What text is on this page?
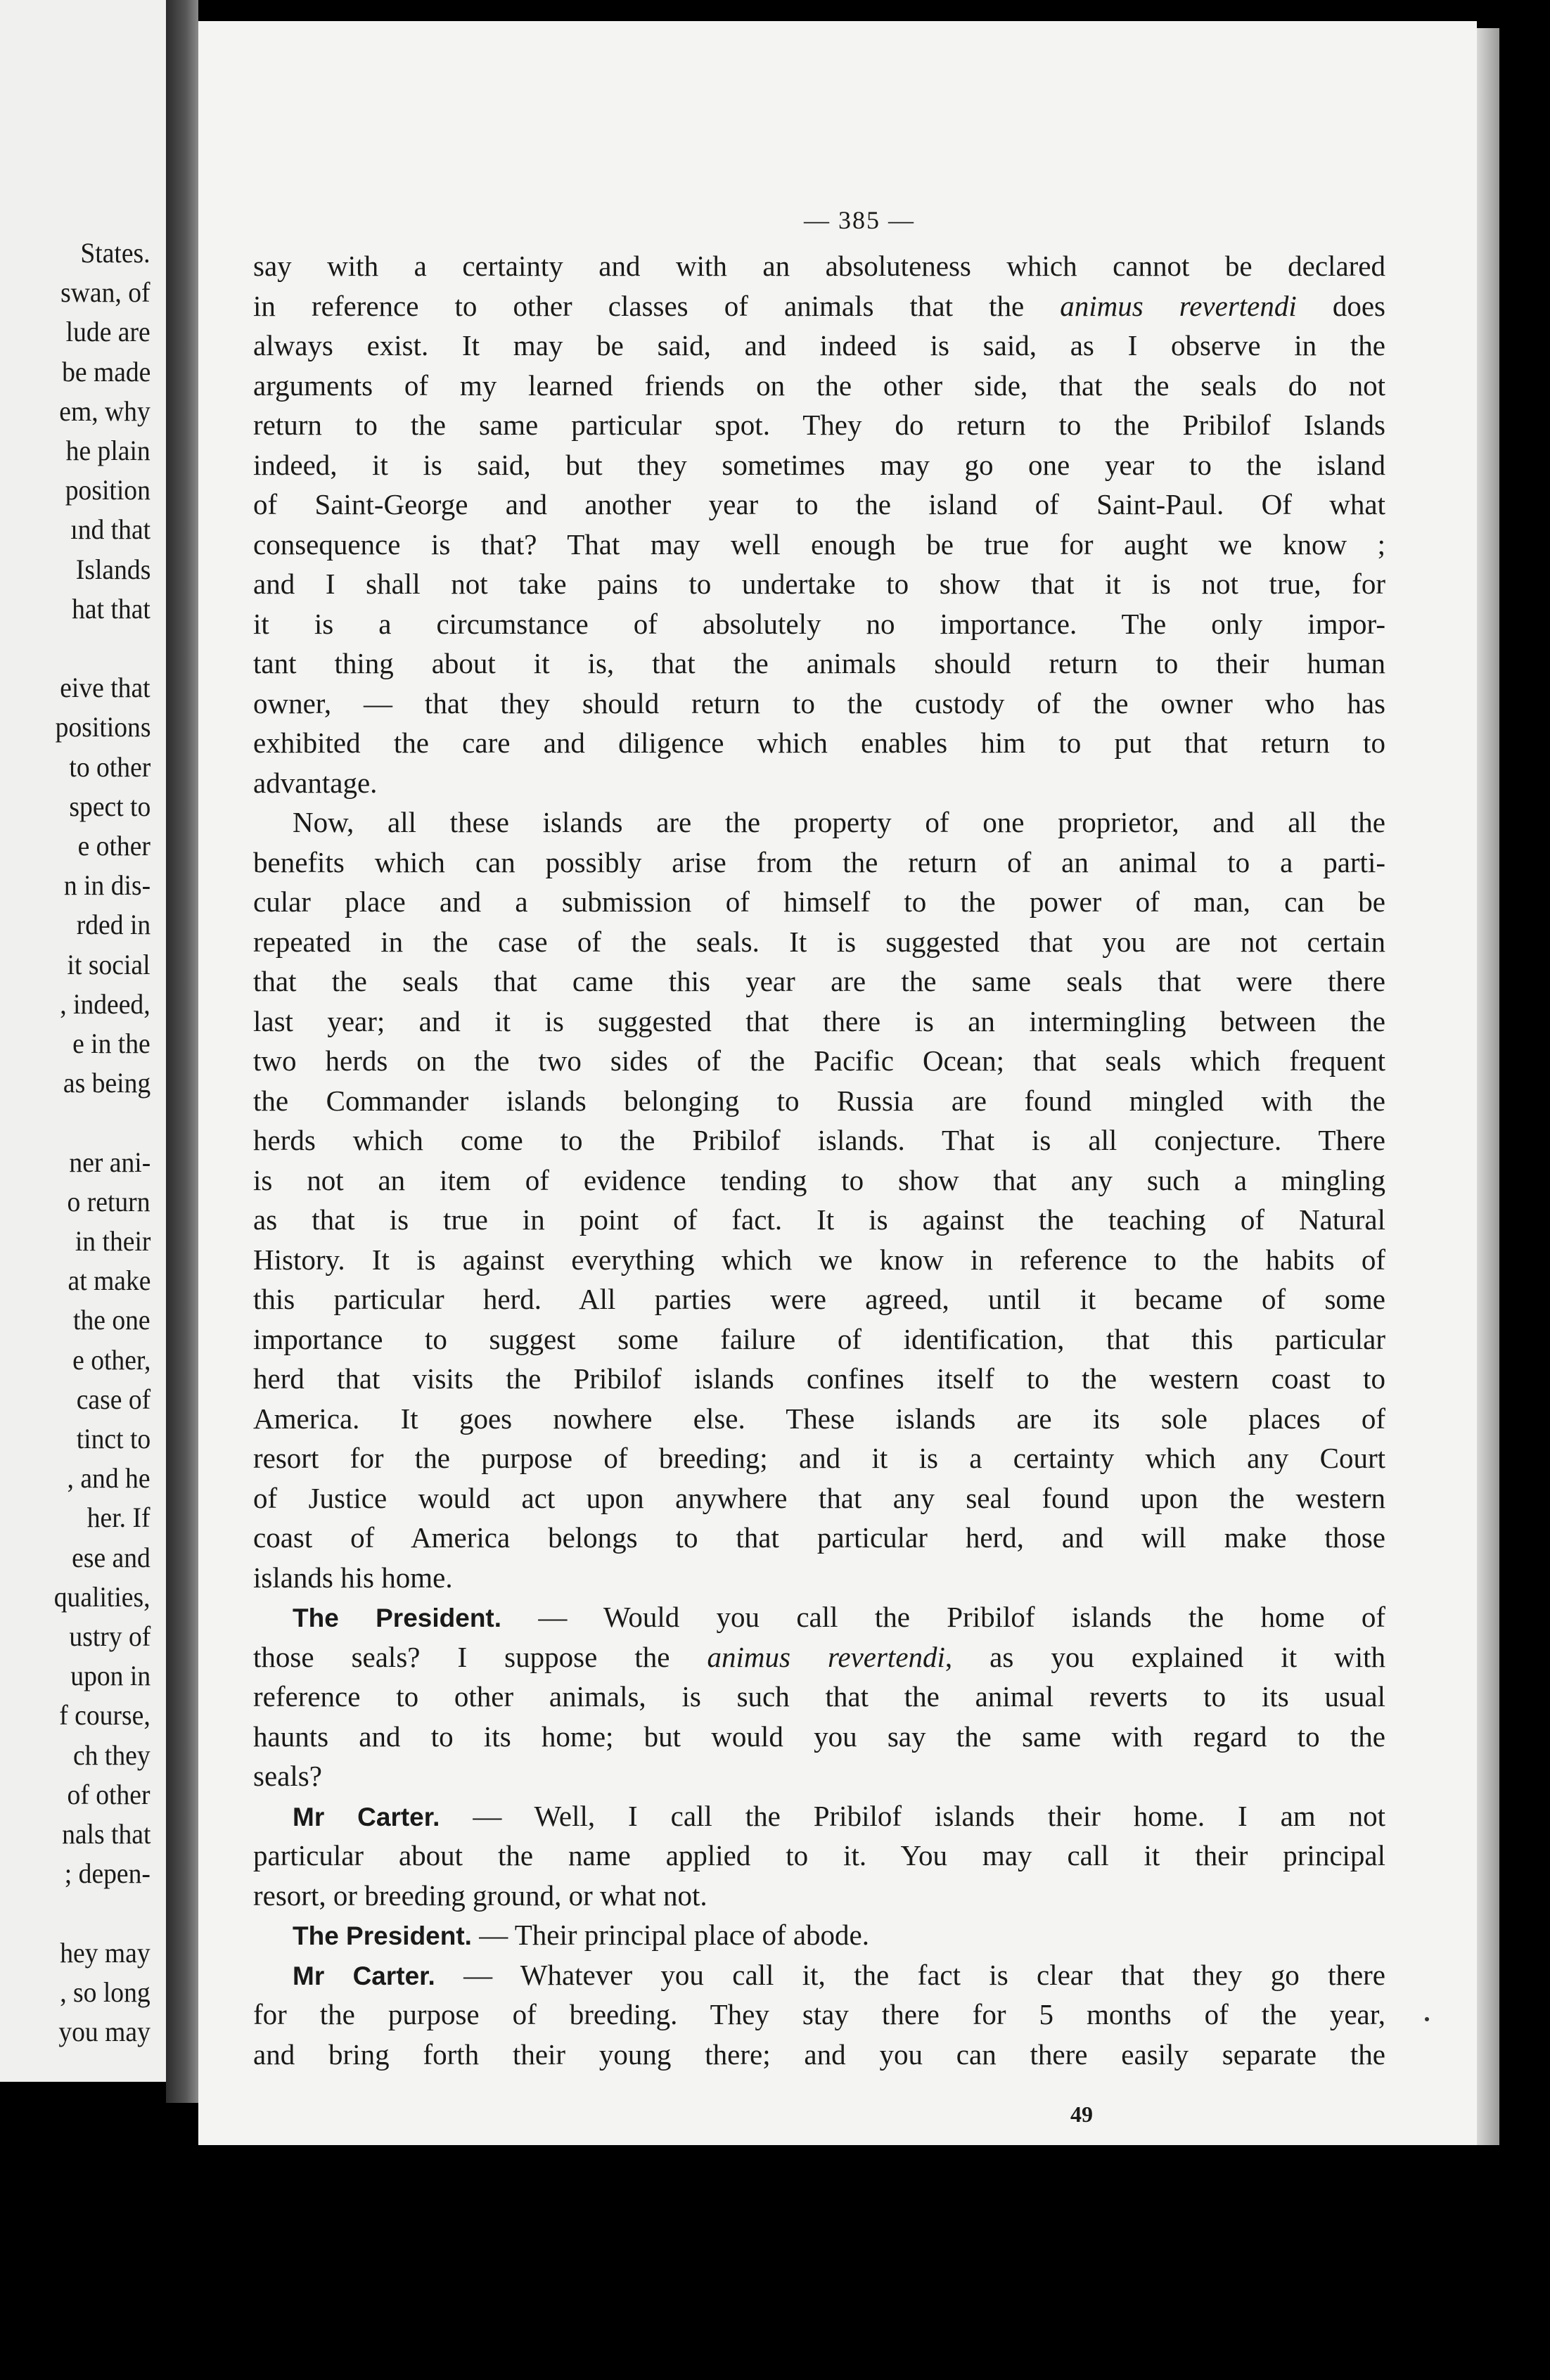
States.
swan, of
lude are
be made
em, why
he plain
position
ınd that
Islands
hat that
eive that
positions
to other
spect to
e other
n in dis-
rded in
it social
, indeed,
e in the
as being
ner ani-
o return
in their
at make
the one
e other,
case of
tinct to
, and he
her. If
ese and
qualities,
ustry of
upon in
f course,
ch they
of other
nals that
; depen-
hey may
, so long
you may
— 385 —
say with a certainty and with an absoluteness which cannot be declared
in reference to other classes of animals that the animus revertendi does
always exist. It may be said, and indeed is said, as I observe in the
arguments of my learned friends on the other side, that the seals do not
return to the same particular spot. They do return to the Pribilof Islands
indeed, it is said, but they sometimes may go one year to the island
of Saint-George and another year to the island of Saint-Paul. Of what
consequence is that? That may well enough be true for aught we know ;
and I shall not take pains to undertake to show that it is not true, for
it is a circumstance of absolutely no importance. The only impor-
tant thing about it is, that the animals should return to their human
owner, — that they should return to the custody of the owner who has
exhibited the care and diligence which enables him to put that return to
advantage.
Now, all these islands are the property of one proprietor, and all the
benefits which can possibly arise from the return of an animal to a parti-
cular place and a submission of himself to the power of man, can be
repeated in the case of the seals. It is suggested that you are not certain
that the seals that came this year are the same seals that were there
last year; and it is suggested that there is an intermingling between the
two herds on the two sides of the Pacific Ocean; that seals which frequent
the Commander islands belonging to Russia are found mingled with the
herds which come to the Pribilof islands. That is all conjecture. There
is not an item of evidence tending to show that any such a mingling
as that is true in point of fact. It is against the teaching of Natural
History. It is against everything which we know in reference to the habits of
this particular herd. All parties were agreed, until it became of some
importance to suggest some failure of identification, that this particular
herd that visits the Pribilof islands confines itself to the western coast to
America. It goes nowhere else. These islands are its sole places of
resort for the purpose of breeding; and it is a certainty which any Court
of Justice would act upon anywhere that any seal found upon the western
coast of America belongs to that particular herd, and will make those
islands his home.
The President. — Would you call the Pribilof islands the home of
those seals? I suppose the animus revertendi, as you explained it with
reference to other animals, is such that the animal reverts to its usual
haunts and to its home; but would you say the same with regard to the
seals?
Mr Carter. — Well, I call the Pribilof islands their home. I am not
particular about the name applied to it. You may call it their principal
resort, or breeding ground, or what not.
The President. — Their principal place of abode.
Mr Carter. — Whatever you call it, the fact is clear that they go there
for the purpose of breeding. They stay there for 5 months of the year,
and bring forth their young there; and you can there easily separate the
49
